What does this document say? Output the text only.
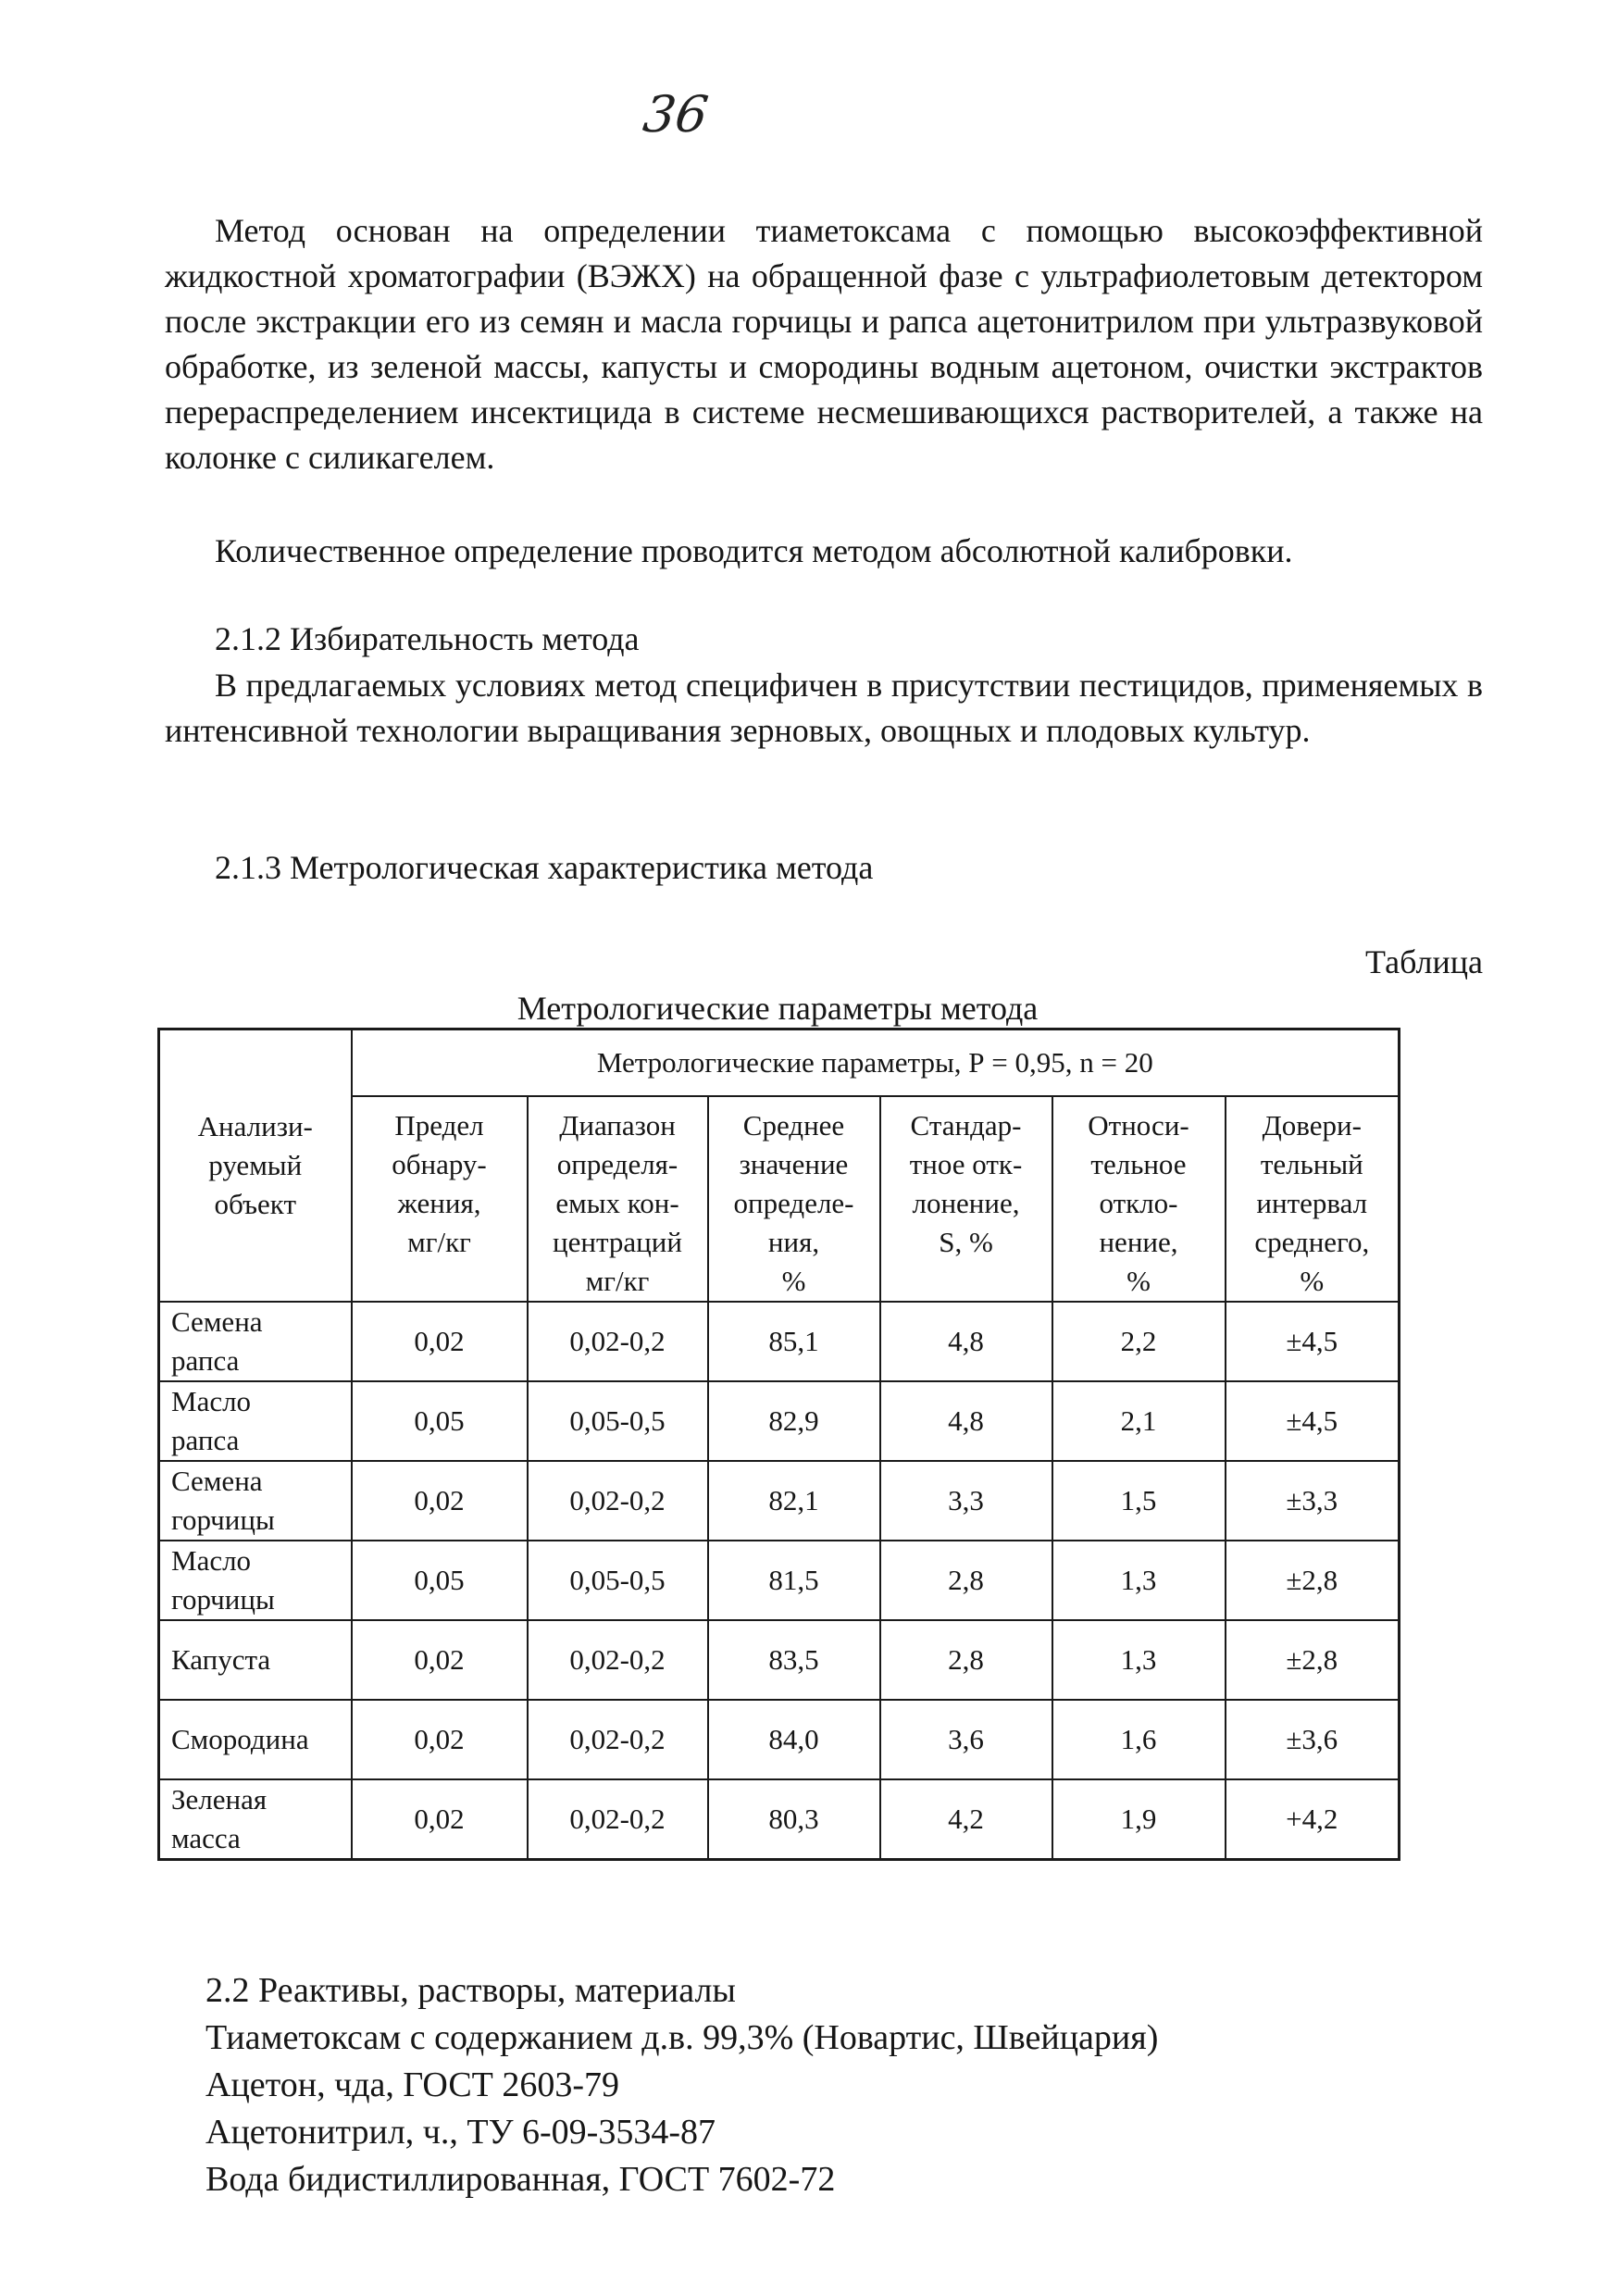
36

Метод основан на определении тиаметоксама с помощью высокоэффективной жидкостной хроматографии (ВЭЖХ) на обращенной фазе с ультрафиолетовым детектором после экстракции его из семян и масла горчицы и рапса ацетонитрилом при ультразвуковой обработке, из зеленой массы, капусты и смородины водным ацетоном, очистки экстрактов перераспределением инсектицида в системе несмешивающихся растворителей, а также на колонке с силикагелем.

Количественное определение проводится методом абсолютной калибровки.

2.1.2 Избирательность метода

В предлагаемых условиях метод специфичен в присутствии пестицидов, применяемых в интенсивной технологии выращивания зерновых, овощных и плодовых культур.

2.1.3 Метрологическая характеристика метода

Таблица
Метрологические параметры метода
Анализи-
руемый
объект	Метрологические параметры, Р = 0,95, n = 20					
	Предел
обнару-
жения,
мг/кг	Диапазон
определя-
емых кон-
центраций
мг/кг	Среднее
значение
определе-
ния,
%	Стандар-
тное отк-
лонение,
S, %	Относи-
тельное
откло-
нение,
%	Довери-
тельный
интервал
среднего,
%
Семена
рапса	0,02	0,02-0,2	85,1	4,8	2,2	±4,5
Масло
рапса	0,05	0,05-0,5	82,9	4,8	2,1	±4,5
Семена
горчицы	0,02	0,02-0,2	82,1	3,3	1,5	±3,3
Масло
горчицы	0,05	0,05-0,5	81,5	2,8	1,3	±2,8
Капуста	0,02	0,02-0,2	83,5	2,8	1,3	±2,8
Смородина	0,02	0,02-0,2	84,0	3,6	1,6	±3,6
Зеленая
масса	0,02	0,02-0,2	80,3	4,2	1,9	+4,2
2.2 Реактивы, растворы, материалы
Тиаметоксам с содержанием д.в. 99,3% (Новартис, Швейцария)
Ацетон, чда, ГОСТ 2603-79
Ацетонитрил, ч., ТУ 6-09-3534-87
Вода бидистиллированная, ГОСТ 7602-72
